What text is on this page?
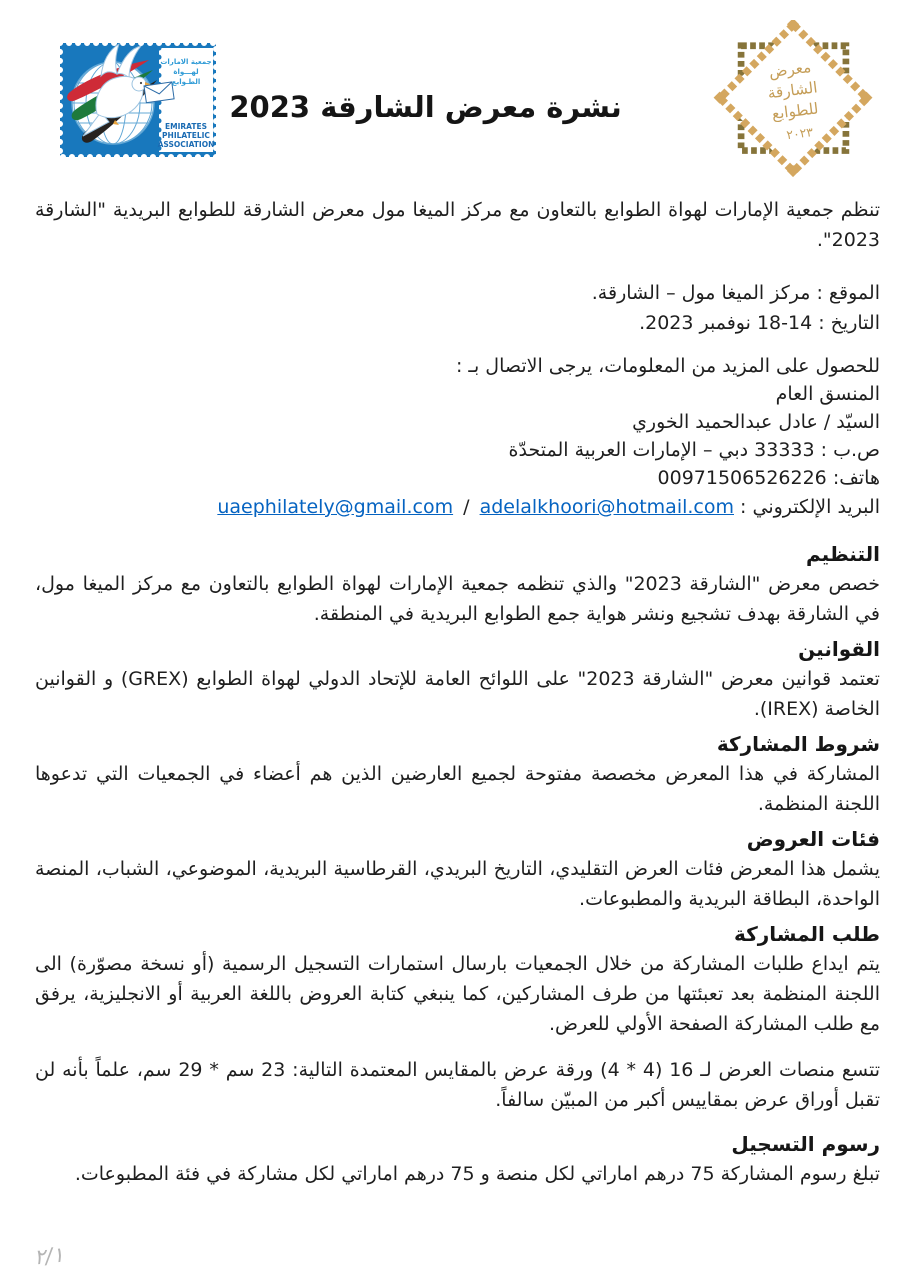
جمعية الامارات
لهـــواة
الطـوابع
EMIRATES
PHILATELIC
ASSOCIATION
نشرة معرض الشارقة 2023
معرض
الشارقة
للطوابع
٢٠٢٣

تنظم جمعية الإمارات لهواة الطوابع بالتعاون مع مركز الميغا مول معرض الشارقة للطوابع البريدية "الشارقة 2023".

الموقع : مركز الميغا مول – الشارقة.

التاريخ : 14-18 نوفمبر 2023.

للحصول على المزيد من المعلومات، يرجى الاتصال بـ :

المنسق العام

السيّد / عادل عبدالحميد الخوري

ص.ب : 33333 دبي – الإمارات العربية المتحدّة

هاتف: 00971506526226

البريد الإلكتروني : uaephilately@gmail.com / adelalkhoori@hotmail.com

التنظيم

خصص معرض "الشارقة 2023" والذي تنظمه جمعية الإمارات لهواة الطوابع بالتعاون مع مركز الميغا مول، في الشارقة بهدف تشجيع ونشر هواية جمع الطوابع البريدية في المنطقة.

القوانين

تعتمد قوانين معرض "الشارقة 2023" على اللوائح العامة للإتحاد الدولي لهواة الطوابع (GREX) و القوانين الخاصة (IREX).

شروط المشاركة

المشاركة في هذا المعرض مخصصة مفتوحة لجميع العارضين الذين هم أعضاء في الجمعيات التي تدعوها اللجنة المنظمة.

فئات العروض

يشمل هذا المعرض فئات العرض التقليدي، التاريخ البريدي، القرطاسية البريدية، الموضوعي، الشباب، المنصة الواحدة، البطاقة البريدية والمطبوعات.

طلب المشاركة

يتم ايداع طلبات المشاركة من خلال الجمعيات بارسال استمارات التسجيل الرسمية (أو نسخة مصوّرة) الى اللجنة المنظمة بعد تعبئتها من طرف المشاركين، كما ينبغي كتابة العروض باللغة العربية أو الانجليزية، يرفق مع طلب المشاركة الصفحة الأولي للعرض.

تتسع منصات العرض لـ 16 (4 * 4) ورقة عرض بالمقايس المعتمدة التالية: 23 سم * 29 سم، علماً بأنه لن تقبل أوراق عرض بمقاييس أكبر من المبيّن سالفاً.

رسوم التسجيل

تبلغ رسوم المشاركة 75 درهم اماراتي لكل منصة و 75 درهم اماراتي لكل مشاركة في فئة المطبوعات.

٢/١
